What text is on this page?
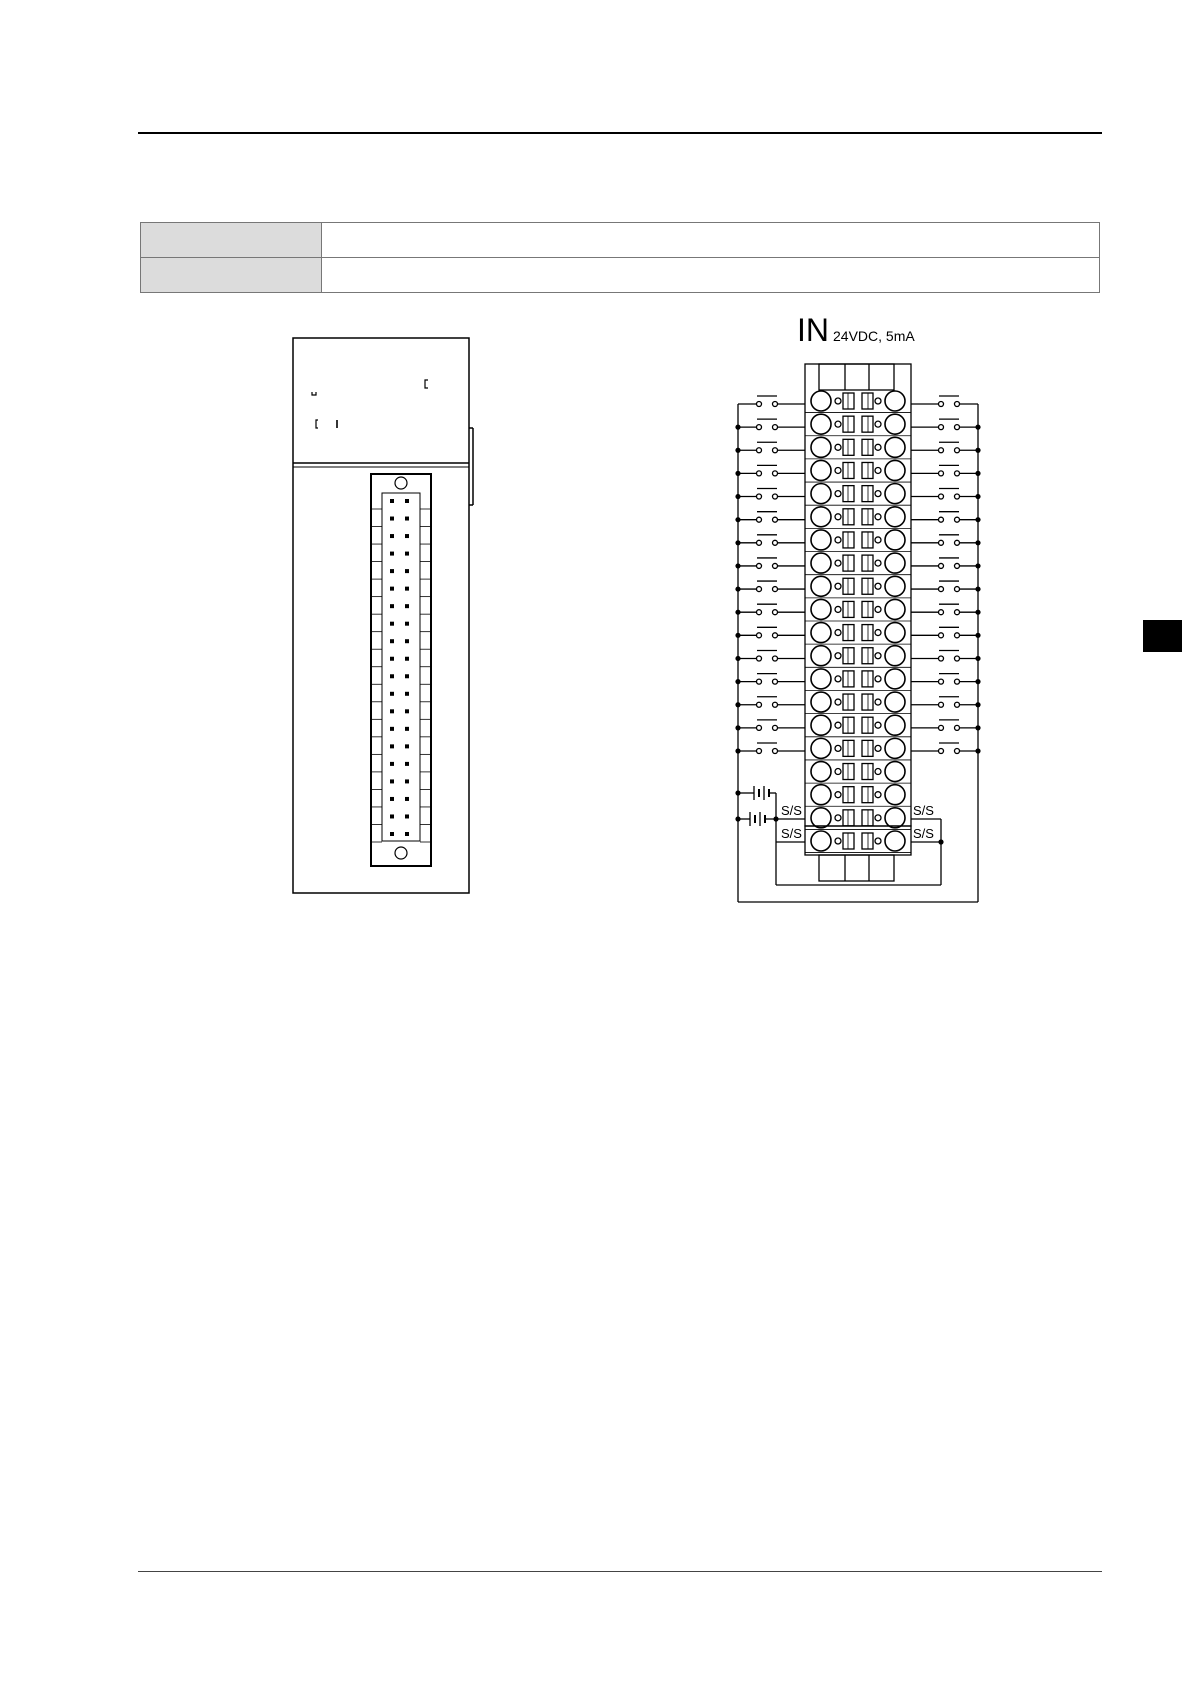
IN 24VDC, 5mA
S/S
S/S
S/S
S/S
